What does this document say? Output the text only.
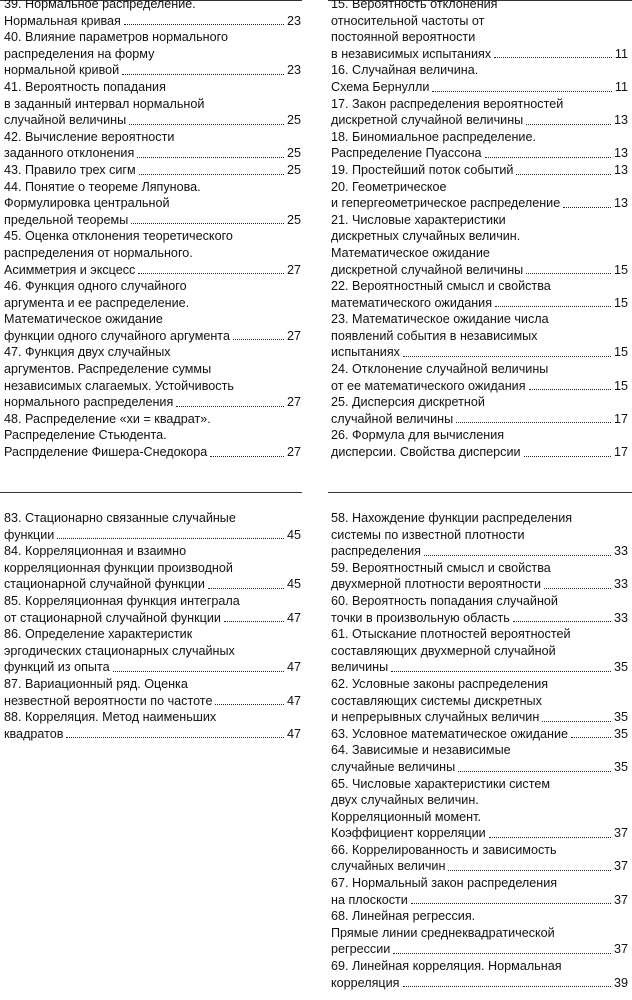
39. Нормальное распределение.
Нормальная кривая	23
40. Влияние параметров нормального
распределения на форму
нормальной кривой	23
41. Вероятность попадания
в заданный интервал нормальной
случайной величины	25
42. Вычисление вероятности
заданного отклонения	25
43. Правило трех сигм	25
44. Понятие о теореме Ляпунова.
Формулировка центральной
предельной теоремы	25
45. Оценка отклонения теоретического
распределения от нормального.
Асимметрия и эксцесс	27
46. Функция одного случайного
аргумента и ее распределение.
Математическое ожидание
функции одного случайного аргумента	27
47. Функция двух случайных
аргументов. Распределение суммы
независимых слагаемых. Устойчивость
нормального распределения	27
48. Распределение «хи = квадрат».
Распределение Стьюдента.
Распрделение Фишера-Снедокора	27
15. Вероятность отклонения
относительной частоты от
постоянной вероятности
в независимых испытаниях	11
16. Случайная величина.
Схема Бернулли	11
17. Закон распределения вероятностей
дискретной случайной величины	13
18. Биномиальное распределение.
Распределение Пуассона	13
19. Простейший поток событий	13
20. Геометрическое
и гепергеометрическое распределение	13
21. Числовые характеристики
дискретных случайных величин.
Математическое ожидание
дискретной случайной величины	15
22. Вероятностный смысл и свойства
математического ожидания	15
23. Математическое ожидание числа
появлений события в независимых
испытаниях	15
24. Отклонение случайной величины
от ее математического ожидания	15
25. Дисперсия дискретной
случайной величины	17
26. Формула для вычисления
дисперсии. Свойства дисперсии	17
83. Стационарно связанные случайные
функции	45
84. Корреляционная и взаимно
корреляционная функции производной
стационарной случайной функции	45
85. Корреляционная функция интеграла
от стационарной случайной функции	47
86. Определение характеристик
эргодических стационарных случайных
функций из опыта	47
87. Вариационный ряд. Оценка
незвестной вероятности по частоте	47
88. Корреляция. Метод наименьших
квадратов	47
58. Нахождение функции распределения
системы по известной плотности
распределения	33
59. Вероятностный смысл и свойства
двухмерной плотности вероятности	33
60. Вероятность попадания случайной
точки в произвольную область	33
61. Отыскание плотностей вероятностей
составляющих двухмерной случайной
величины	35
62. Условные законы распределения
составляющих системы дискретных
и непрерывных случайных величин	35
63. Условное математическое ожидание	35
64. Зависимые и независимые
случайные величины	35
65. Числовые характеристики систем
двух случайных величин.
Корреляционный момент.
Коэффициент корреляции	37
66. Коррелированность и зависимость
случайных величин	37
67. Нормальный закон распределения
на плоскости	37
68. Линейная регрессия.
Прямые линии среднеквадратической
регрессии	37
69. Линейная корреляция. Нормальная
корреляция	39
